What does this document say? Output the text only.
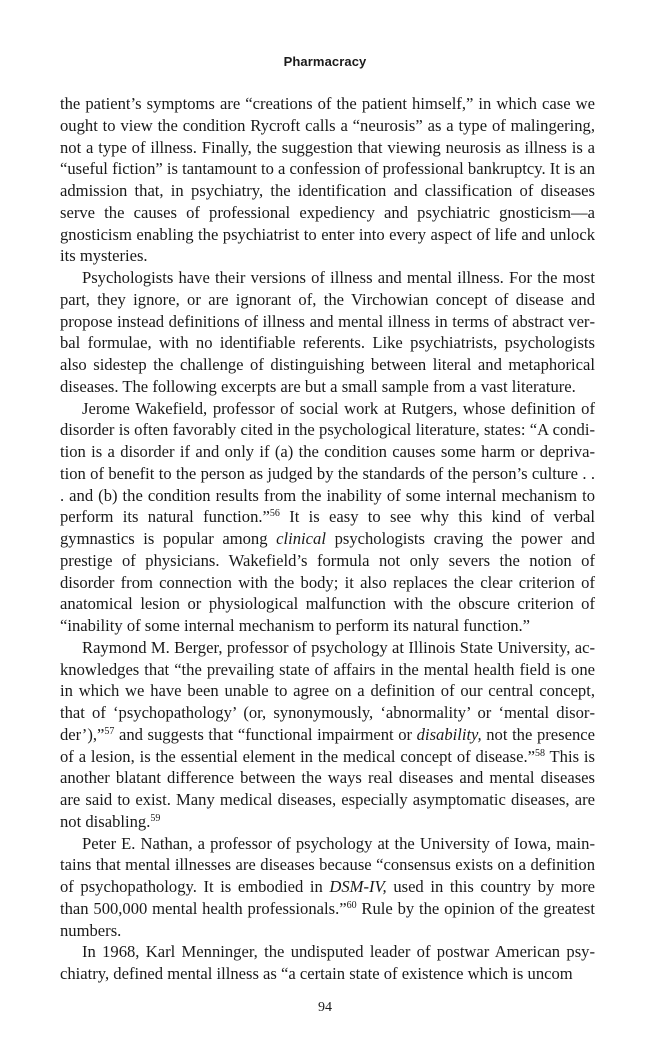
Pharmacracy

the patient’s symptoms are “creations of the patient himself,” in which case we ought to view the condition Rycroft calls a “neurosis” as a type of malingering, not a type of illness. Finally, the suggestion that viewing neurosis as illness is a “useful fiction” is tantamount to a confession of professional bankruptcy. It is an admission that, in psychiatry, the identification and classification of diseases serve the causes of professional expediency and psychiatric gnosticism—a gnosticism enabling the psychiatrist to enter into every aspect of life and unlock its mysteries.

Psychologists have their versions of illness and mental illness. For the most part, they ignore, or are ignorant of, the Virchowian concept of disease and propose instead definitions of illness and mental illness in terms of abstract verbal formulae, with no identifiable referents. Like psychiatrists, psychologists also sidestep the challenge of distinguishing between literal and metaphorical diseases. The following excerpts are but a small sample from a vast literature.

Jerome Wakefield, professor of social work at Rutgers, whose definition of disorder is often favorably cited in the psychological literature, states: “A condition is a disorder if and only if (a) the condition causes some harm or deprivation of benefit to the person as judged by the standards of the person’s culture . . . and (b) the condition results from the inability of some internal mechanism to perform its natural function.”$^{56}$ It is easy to see why this kind of verbal gymnastics is popular among clinical psychologists craving the power and prestige of physicians. Wakefield’s formula not only severs the notion of disorder from connection with the body; it also replaces the clear criterion of anatomical lesion or physiological malfunction with the obscure criterion of “inability of some internal mechanism to perform its natural function.”

Raymond M. Berger, professor of psychology at Illinois State University, acknowledges that “the prevailing state of affairs in the mental health field is one in which we have been unable to agree on a definition of our central concept, that of ‘psychopathology’ (or, synonymously, ‘abnormality’ or ‘mental disorder’),”$^{57}$ and suggests that “functional impairment or disability, not the presence of a lesion, is the essential element in the medical concept of disease.”$^{58}$ This is another blatant difference between the ways real diseases and mental diseases are said to exist. Many medical diseases, especially asymptomatic diseases, are not disabling.$^{59}$

Peter E. Nathan, a professor of psychology at the University of Iowa, maintains that mental illnesses are diseases because “consensus exists on a definition of psychopathology. It is embodied in DSM-IV, used in this country by more than 500,000 mental health professionals.”$^{60}$ Rule by the opinion of the greatest numbers.

In 1968, Karl Menninger, the undisputed leader of postwar American psychiatry, defined mental illness as “a certain state of existence which is uncom

94
